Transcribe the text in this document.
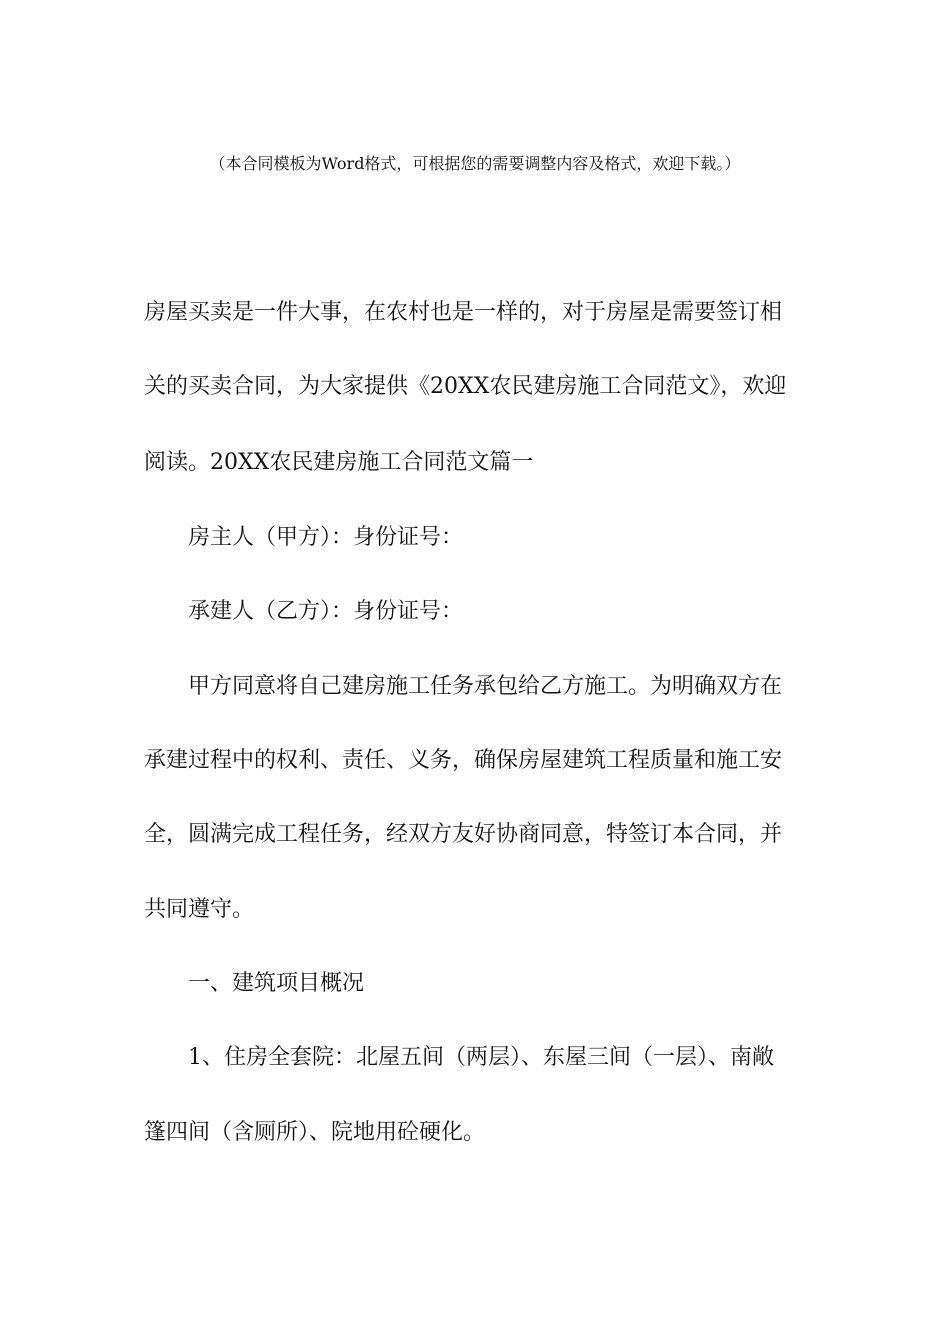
（本合同模板为Word格式，可根据您的需要调整内容及格式，欢迎下载。）
房屋买卖是一件大事，在农村也是一样的，对于房屋是需要签订相
关的买卖合同，为大家提供《20XX农民建房施工合同范文》，欢迎
阅读。20XX农民建房施工合同范文篇一
房主人（甲方）：身份证号：
承建人（乙方）：身份证号：
甲方同意将自己建房施工任务承包给乙方施工。为明确双方在
承建过程中的权利、责任、义务，确保房屋建筑工程质量和施工安
全，圆满完成工程任务，经双方友好协商同意，特签订本合同，并
共同遵守。
一、建筑项目概况
1、住房全套院：北屋五间（两层）、东屋三间（一层）、南敞
篷四间（含厕所）、院地用砼硬化。
